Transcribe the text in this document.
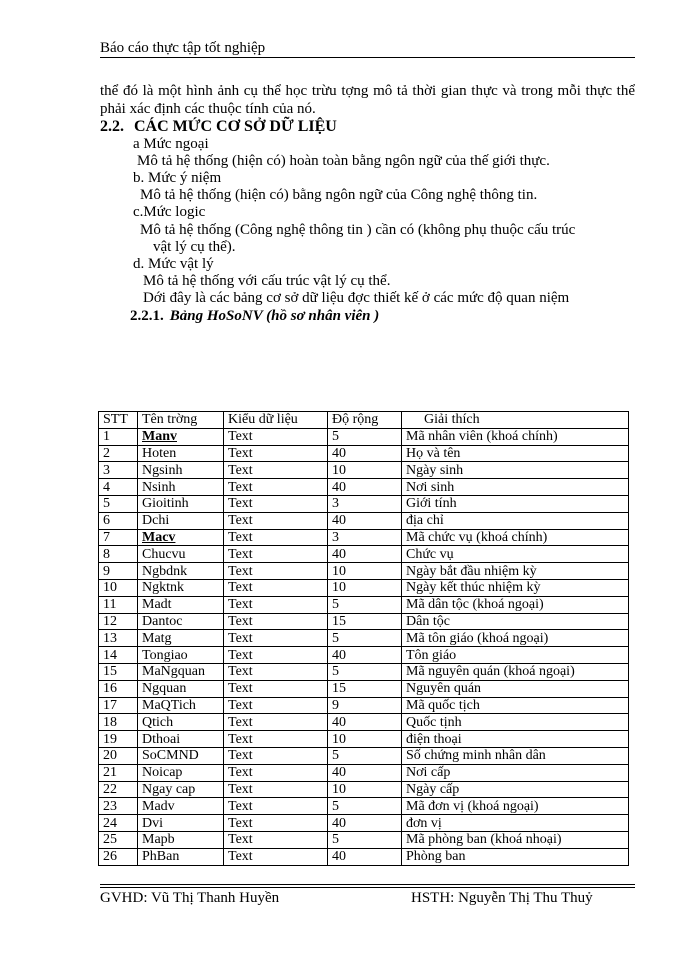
Báo cáo thực tập tốt nghiệp
thể đó là một hình ảnh cụ thể học trừu tợng mô tả thời gian thực và trong mỗi thực thể phải xác định các thuộc tính của nó.
2.2. CÁC MỨC CƠ SỞ DỮ LIỆU
a Mức ngoại
Mô tả hệ thống (hiện có) hoàn toàn bằng ngôn ngữ của thế giới thực.
b. Mức ý niệm
Mô tả hệ thống (hiện có) bằng ngôn ngữ của Công nghệ thông tin.
c.Mức logic
Mô tả hệ thống (Công nghệ thông tin ) cần có (không phụ thuộc cấu trúc
vật lý cụ thể).
d. Mức vật lý
Mô tả hệ thống với cấu trúc vật lý cụ thể.
Dới đây là các bảng cơ sở dữ liệu đợc thiết kế ở các mức độ quan niệm
2.2.1. Bảng HoSoNV (hồ sơ nhân viên )
STT	Tên trờng	Kiểu dữ liệu	Độ rộng	Giải thích
1	Manv	Text	5	Mã nhân viên (khoá chính)
2	Hoten	Text	40	Họ và tên
3	Ngsinh	Text	10	Ngày sinh
4	Nsinh	Text	40	Nơi sinh
5	Gioitinh	Text	3	Giới tính
6	Dchi	Text	40	địa chỉ
7	Macv	Text	3	Mã chức vụ (khoá chính)
8	Chucvu	Text	40	Chức vụ
9	Ngbdnk	Text	10	Ngày bắt đầu nhiệm kỳ
10	Ngktnk	Text	10	Ngày kết thúc nhiệm kỳ
11	Madt	Text	5	Mã dân tộc (khoá ngoại)
12	Dantoc	Text	15	Dân tộc
13	Matg	Text	5	Mã tôn giáo (khoá ngoại)
14	Tongiao	Text	40	Tôn giáo
15	MaNgquan	Text	5	Mã nguyên quán (khoá ngoại)
16	Ngquan	Text	15	Nguyên quán
17	MaQTich	Text	9	Mã quốc tịch
18	Qtich	Text	40	Quốc tịnh
19	Dthoai	Text	10	điện thoại
20	SoCMND	Text	5	Số chứng minh nhân dân
21	Noicap	Text	40	Nơi cấp
22	Ngay cap	Text	10	Ngày cấp
23	Madv	Text	5	Mã đơn vị (khoá ngoại)
24	Dvi	Text	40	đơn vị
25	Mapb	Text	5	Mã phòng ban (khoá nhoại)
26	PhBan	Text	40	Phòng ban
GVHD: Vũ Thị Thanh Huyền	HSTH: Nguyễn Thị Thu Thuỷ
